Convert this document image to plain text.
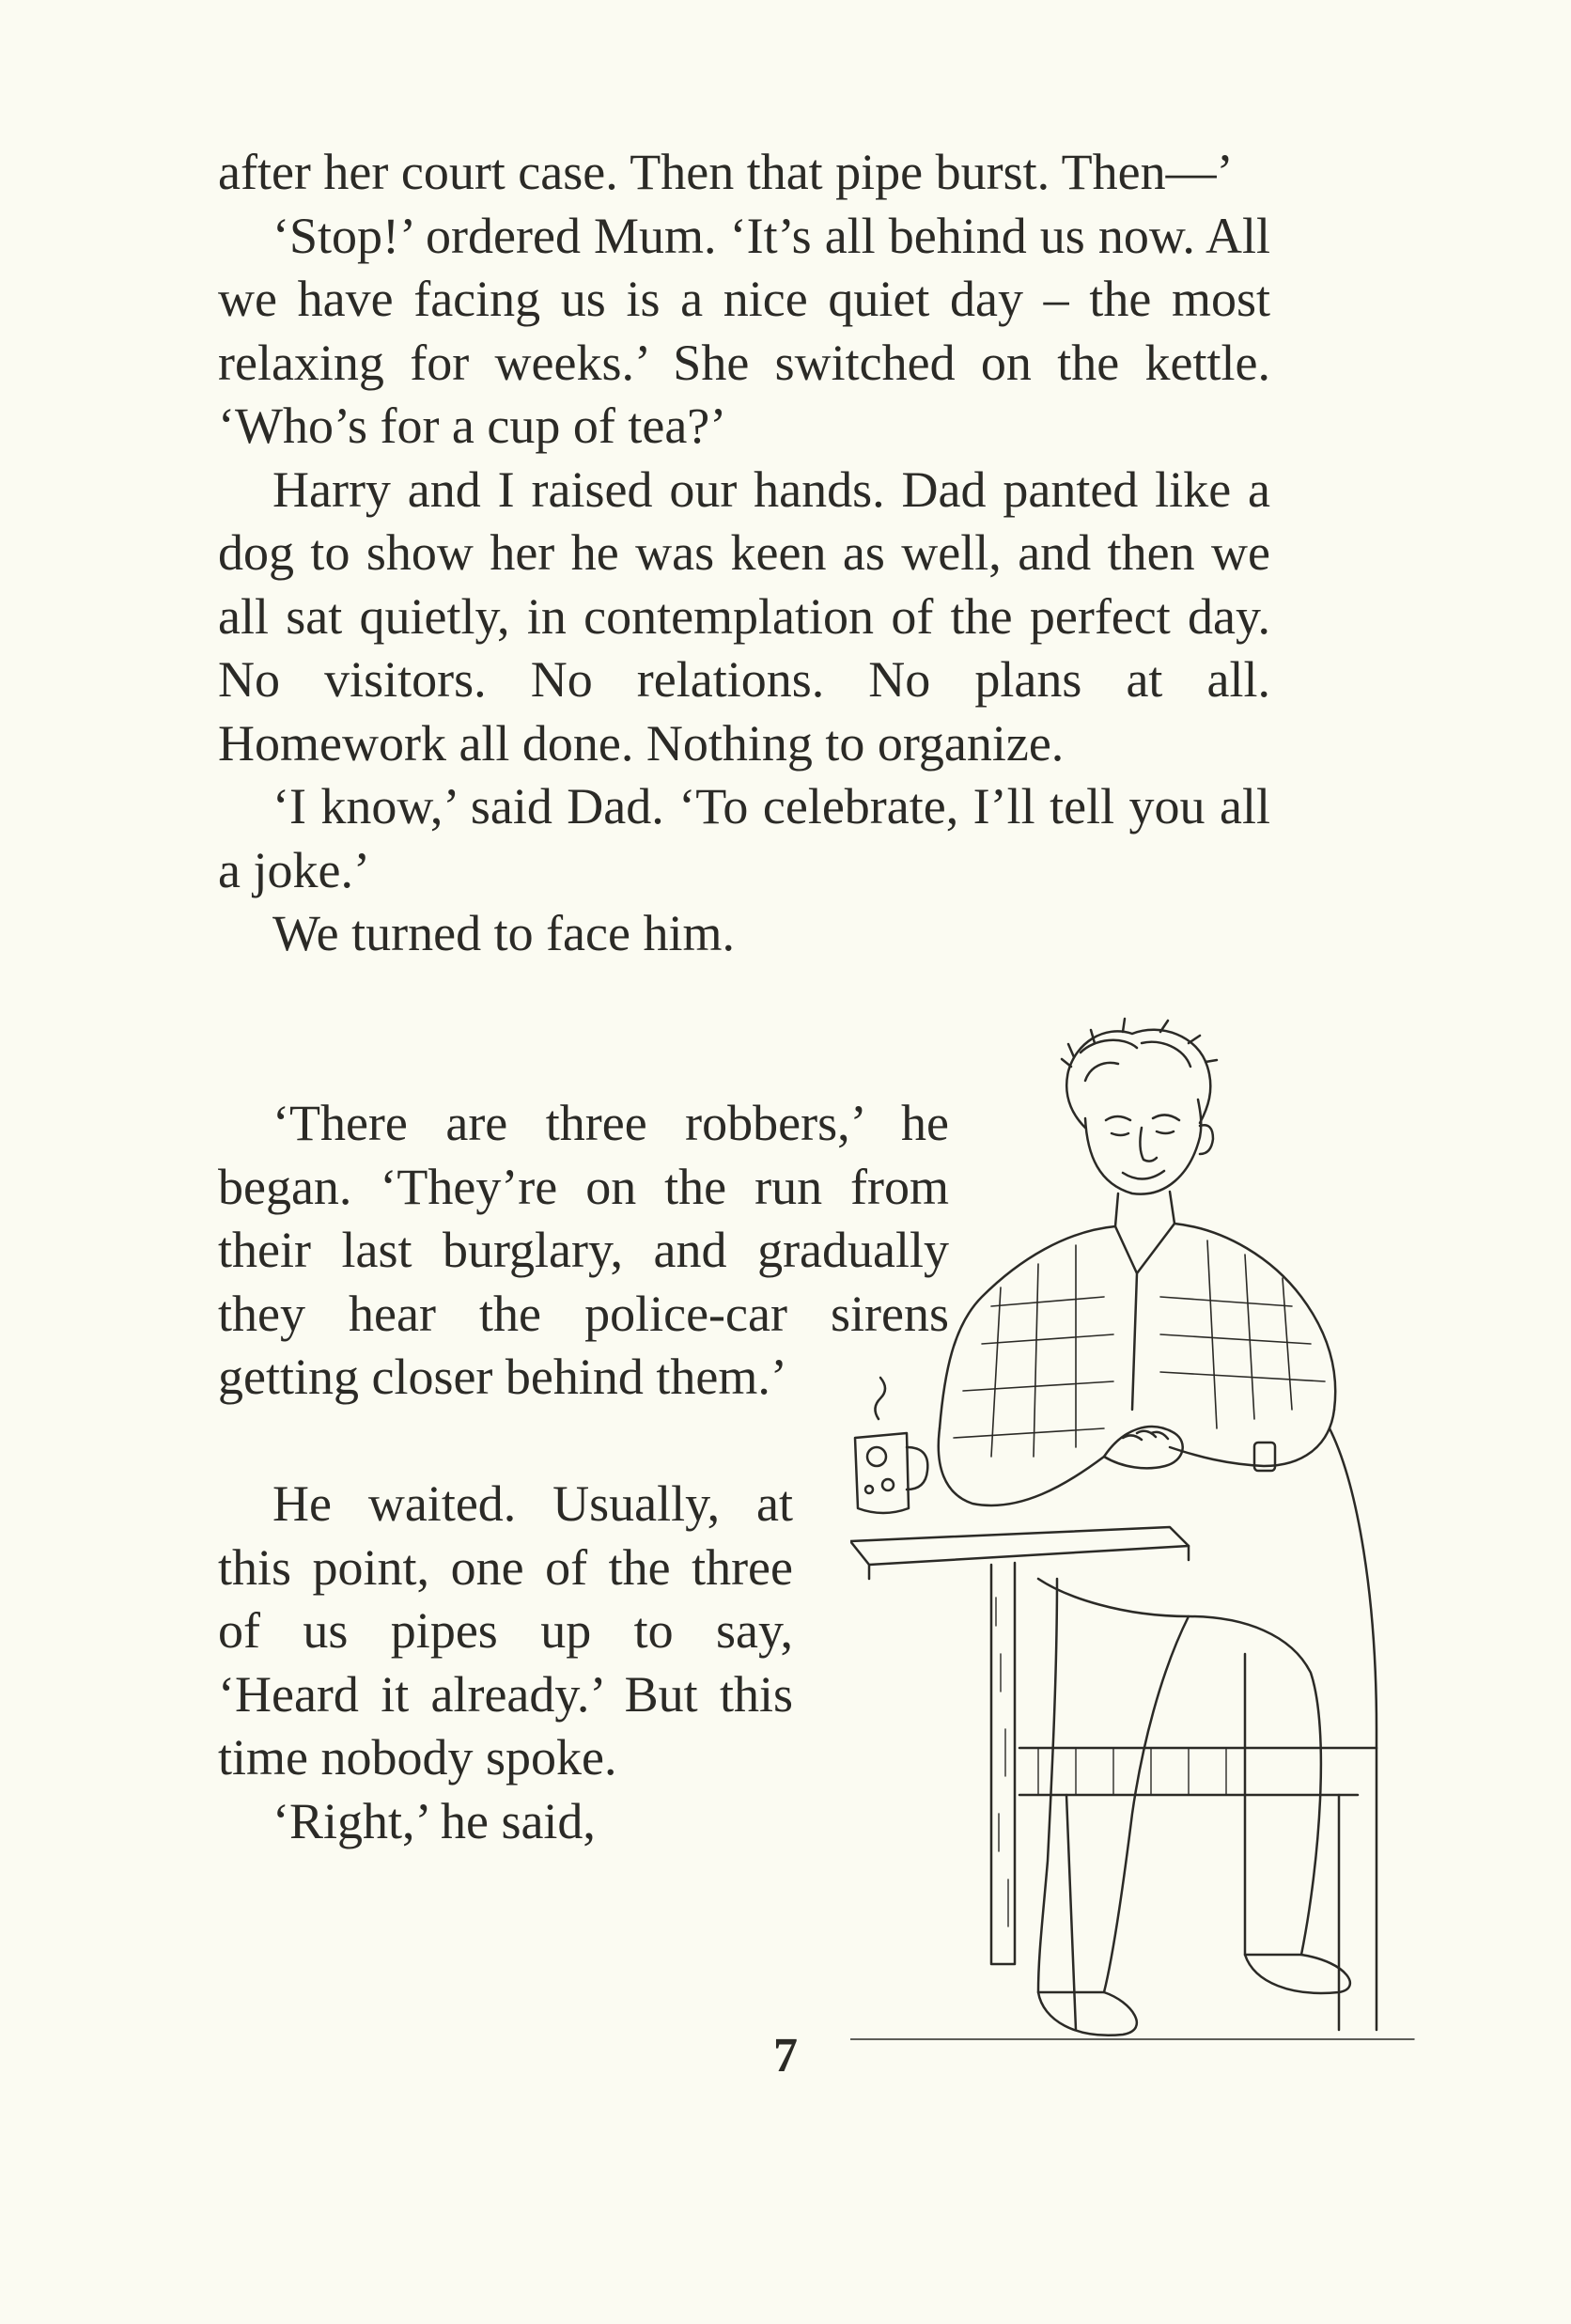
after her court case. Then that pipe burst. Then—’

‘Stop!’ ordered Mum. ‘It’s all behind us now. All we have facing us is a nice quiet day – the most relaxing for weeks.’ She switched on the kettle. ‘Who’s for a cup of tea?’

Harry and I raised our hands. Dad panted like a dog to show her he was keen as well, and then we all sat quietly, in contemplation of the perfect day. No visitors. No relations. No plans at all. Homework all done. Nothing to organize.

‘I know,’ said Dad. ‘To celebrate, I’ll tell you all a joke.’

We turned to face him.

‘There are three robbers,’ he began. ‘They’re on the run from their last burglary, and gradually they hear the police-car sirens getting closer behind them.’

He waited. Usually, at this point, one of the three of us pipes up to say, ‘Heard it already.’ But this time nobody spoke.

‘Right,’ he said,

7
